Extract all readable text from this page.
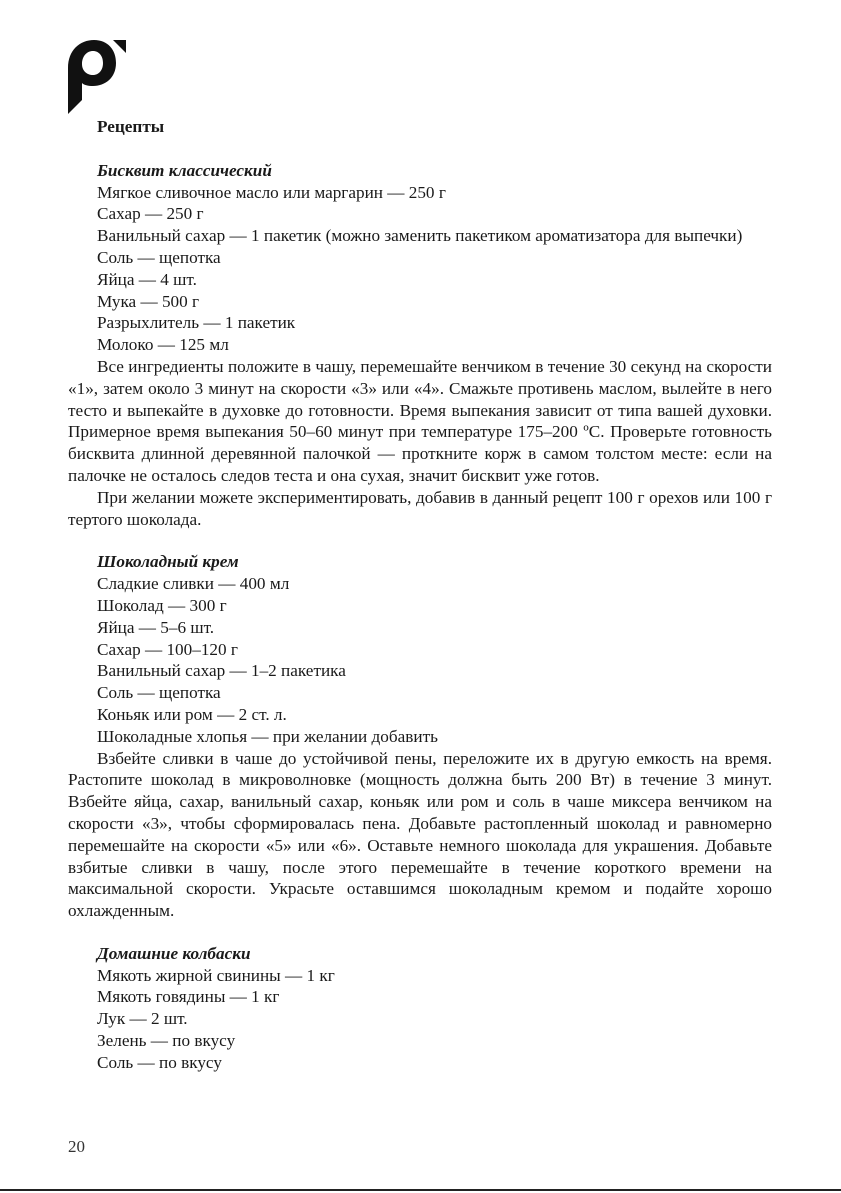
Рецепты
Бисквит классический
Мягкое сливочное масло или маргарин — 250 г
Сахар — 250 г
Ванильный сахар — 1 пакетик (можно заменить пакетиком ароматизатора для выпечки)
Соль — щепотка
Яйца — 4 шт.
Мука — 500 г
Разрыхлитель — 1 пакетик
Молоко — 125 мл

Все ингредиенты положите в чашу, перемешайте венчиком в течение 30 секунд на скорости «1», затем около 3 минут на скорости «3» или «4». Смажьте противень маслом, вылейте в него тесто и выпекайте в духовке до готовности. Время выпекания зависит от типа вашей духовки. Примерное время выпекания 50–60 минут при температуре 175–200 ºС. Проверьте готовность бисквита длинной деревянной палочкой — проткните корж в самом толстом месте: если на палочке не осталось следов теста и она сухая, значит бисквит уже готов.

При желании можете экспериментировать, добавив в данный рецепт 100 г орехов или 100 г тертого шоколада.

Шоколадный крем
Сладкие сливки — 400 мл
Шоколад — 300 г
Яйца — 5–6 шт.
Сахар — 100–120 г
Ванильный сахар — 1–2 пакетика
Соль — щепотка
Коньяк или ром — 2 ст. л.
Шоколадные хлопья — при желании добавить

Взбейте сливки в чаше до устойчивой пены, переложите их в другую емкость на время. Растопите шоколад в микроволновке (мощность должна быть 200 Вт) в течение 3 минут. Взбейте яйца, сахар, ванильный сахар, коньяк или ром и соль в чаше миксера венчиком на скорости «3», чтобы сформировалась пена. Добавьте растопленный шоколад и равномерно перемешайте на скорости «5» или «6». Оставьте немного шоколада для украшения. Добавьте взбитые сливки в чашу, после этого перемешайте в течение короткого времени на максимальной скорости. Украсьте оставшимся шоколадным кремом и подайте хорошо охлажденным.

Домашние колбаски
Мякоть жирной свинины — 1 кг
Мякоть говядины — 1 кг
Лук — 2 шт.
Зелень — по вкусу
Соль — по вкусу
20
